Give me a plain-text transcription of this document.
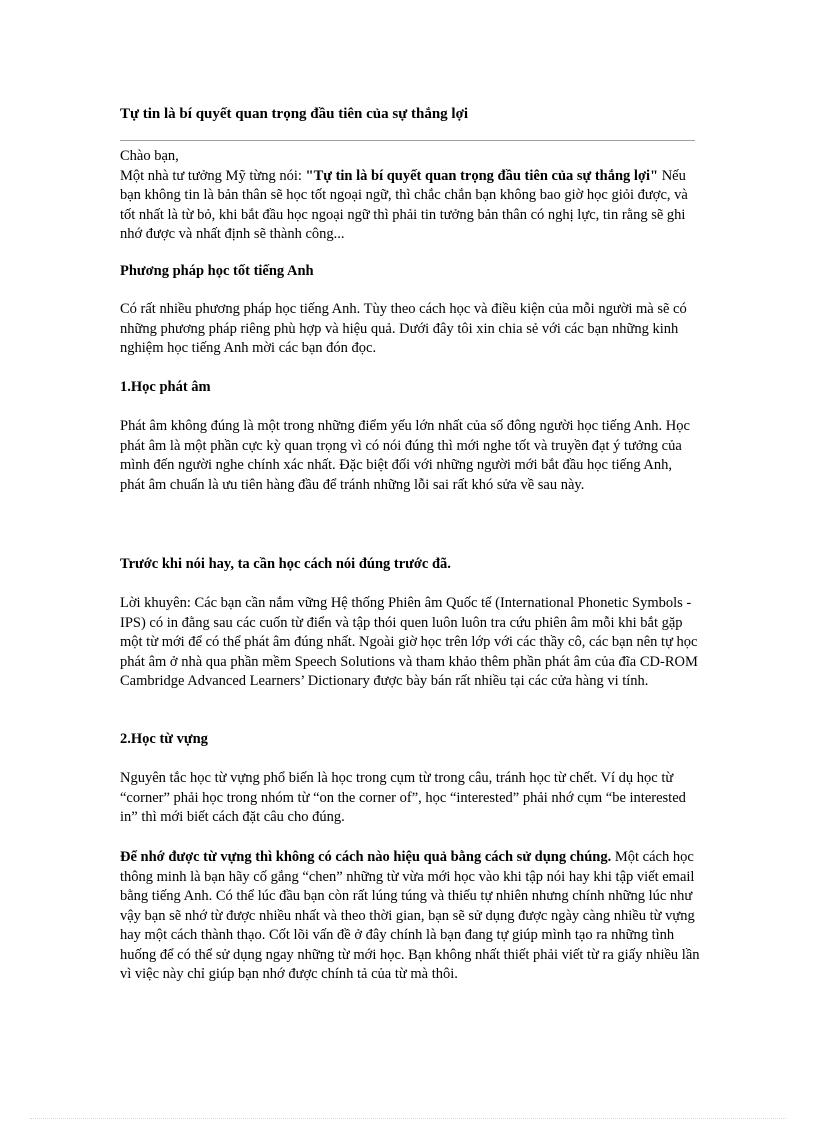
Tự tin là bí quyết quan trọng đầu tiên của sự thắng lợi

Chào bạn,

Một nhà tư tưởng Mỹ từng nói: "Tự tin là bí quyết quan trọng đầu tiên của sự thắng lợi" Nếu bạn không tin là bản thân sẽ học tốt ngoại ngữ, thì chắc chắn bạn không bao giờ học giỏi được, và tốt nhất là từ bỏ, khi bắt đầu học ngoại ngữ thì phải tin tưởng bản thân có nghị lực, tin rằng sẽ ghi nhớ được và nhất định sẽ thành công...

Phương pháp học tốt tiếng Anh
Có rất nhiều phương pháp học tiếng Anh. Tùy theo cách học và điều kiện của mỗi người mà sẽ có những phương pháp riêng phù hợp và hiệu quả. Dưới đây tôi xin chia sẻ với các bạn những kinh nghiệm học tiếng Anh mời các bạn đón đọc.
1.Học phát âm
Phát âm không đúng là một trong những điểm yếu lớn nhất của số đông người học tiếng Anh. Học phát âm là một phần cực kỳ quan trọng vì có nói đúng thì mới nghe tốt và truyền đạt ý tưởng của mình đến người nghe chính xác nhất. Đặc biệt đối với những người mới bắt đầu học tiếng Anh, phát âm chuẩn là ưu tiên hàng đầu để tránh những lỗi sai rất khó sửa về sau này.
Trước khi nói hay, ta cần học cách nói đúng trước đã.
Lời khuyên: Các bạn cần nắm vững Hệ thống Phiên âm Quốc tế (International Phonetic Symbols - IPS) có in đằng sau các cuốn từ điển và tập thói quen luôn luôn tra cứu phiên âm mỗi khi bắt gặp một từ mới để có thể phát âm đúng nhất. Ngoài giờ học trên lớp với các thầy cô, các bạn nên tự học phát âm ở nhà qua phần mềm Speech Solutions và tham khảo thêm phần phát âm của đĩa CD-ROM Cambridge Advanced Learners’ Dictionary được bày bán rất nhiều tại các cửa hàng vi tính.
2.Học từ vựng
Nguyên tắc học từ vựng phổ biến là học trong cụm từ trong câu, tránh học từ chết. Ví dụ học từ “corner” phải học trong nhóm từ “on the corner of”, học “interested” phải nhớ cụm “be interested in” thì mới biết cách đặt câu cho đúng.
Để nhớ được từ vựng thì không có cách nào hiệu quả bằng cách sử dụng chúng. Một cách học thông minh là bạn hãy cố gắng “chen” những từ vừa mới học vào khi tập nói hay khi tập viết email bằng tiếng Anh. Có thể lúc đầu bạn còn rất lúng túng và thiếu tự nhiên nhưng chính những lúc như vậy bạn sẽ nhớ từ được nhiều nhất và theo thời gian, bạn sẽ sử dụng được ngày càng nhiều từ vựng hay một cách thành thạo. Cốt lõi vấn đề ở đây chính là bạn đang tự giúp mình tạo ra những tình huống để có thể sử dụng ngay những từ mới học. Bạn không nhất thiết phải viết từ ra giấy nhiều lần vì việc này chỉ giúp bạn nhớ được chính tả của từ mà thôi.
